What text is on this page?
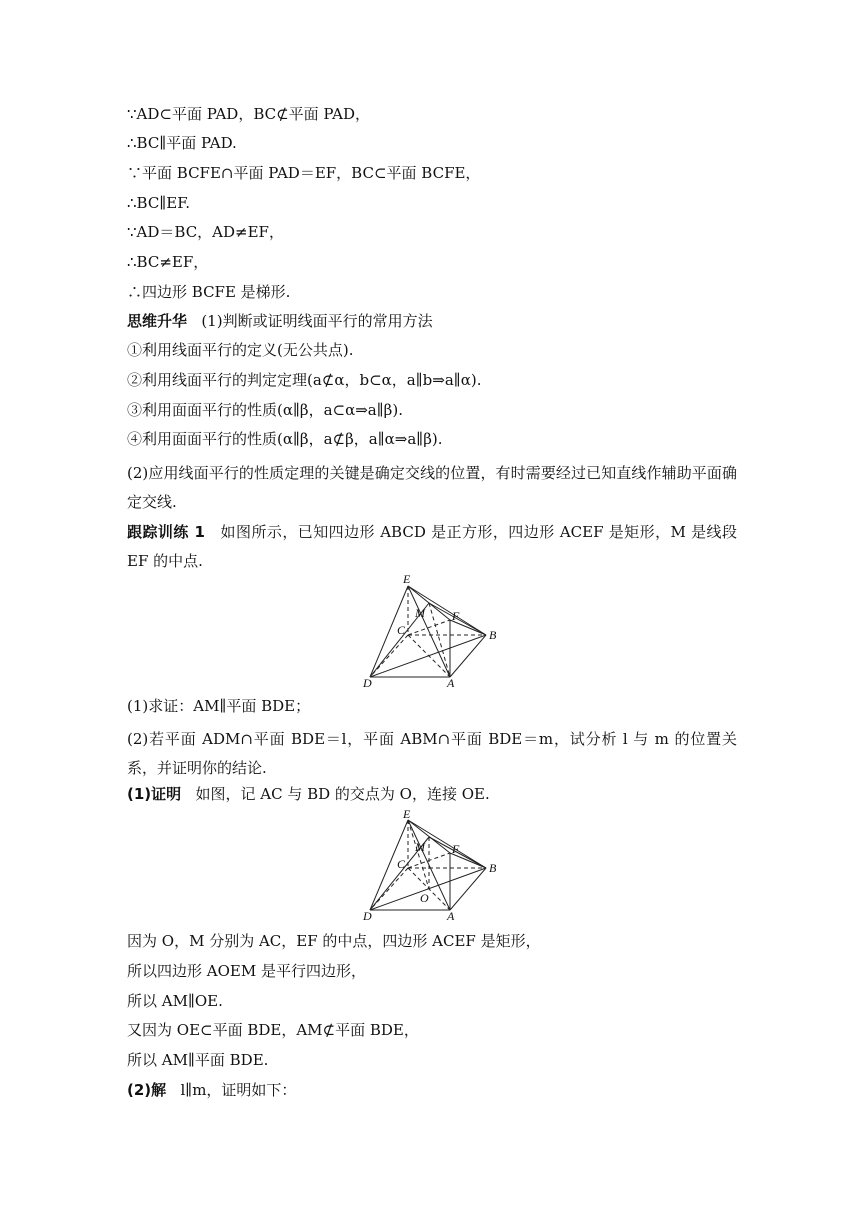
∵AD⊂平面 PAD，BC⊄平面 PAD，
∴BC∥平面 PAD.
∵平面 BCFE∩平面 PAD＝EF，BC⊂平面 BCFE，
∴BC∥EF.
∵AD＝BC，AD≠EF，
∴BC≠EF，
∴四边形 BCFE 是梯形.
思维升华 (1)判断或证明线面平行的常用方法
①利用线面平行的定义(无公共点).
②利用线面平行的判定定理(a⊄α，b⊂α，a∥b⇒a∥α).
③利用面面平行的性质(α∥β，a⊂α⇒a∥β).
④利用面面平行的性质(α∥β，a⊄β，a∥α⇒a∥β).
(2)应用线面平行的性质定理的关键是确定交线的位置，有时需要经过已知直线作辅助平面确定交线.
跟踪训练 1 如图所示，已知四边形 ABCD 是正方形，四边形 ACEF 是矩形，M 是线段 EF 的中点.
E
M F
C	B
D	A
(1)求证：AM∥平面 BDE；
(2)若平面 ADM∩平面 BDE＝l，平面 ABM∩平面 BDE＝m，试分析 l 与 m 的位置关系，并证明你的结论.
(1)证明 如图，记 AC 与 BD 的交点为 O，连接 OE.
E
M F
C	B
O
D	A
因为 O，M 分别为 AC，EF 的中点，四边形 ACEF 是矩形，
所以四边形 AOEM 是平行四边形，
所以 AM∥OE.
又因为 OE⊂平面 BDE，AM⊄平面 BDE，
所以 AM∥平面 BDE.
(2)解 l∥m，证明如下：
